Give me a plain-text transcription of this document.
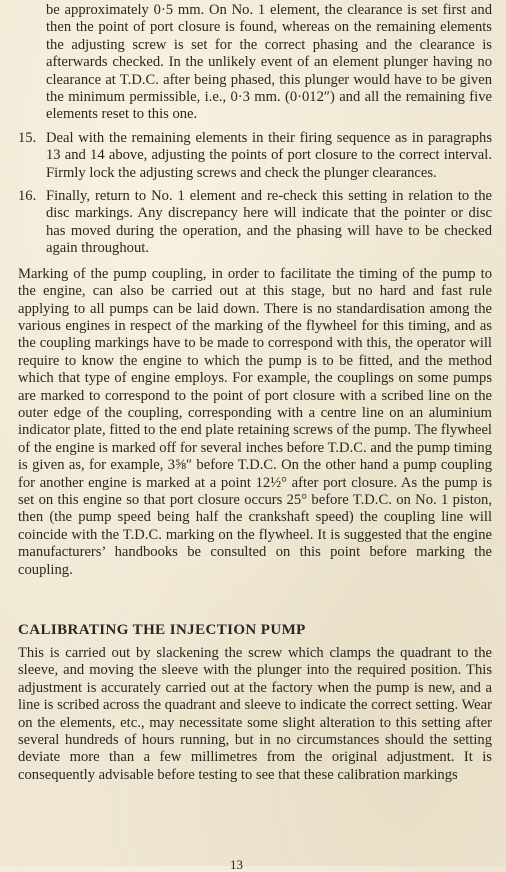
be approximately 0·5 mm. On No. 1 element, the clearance is set first and then the point of port closure is found, whereas on the remaining elements the adjusting screw is set for the correct phasing and the clearance is afterwards checked. In the unlikely event of an element plunger having no clearance at T.D.C. after being phased, this plunger would have to be given the minimum permissible, i.e., 0·3 mm. (0·012″) and all the remaining five elements reset to this one.

15. Deal with the remaining elements in their firing sequence as in paragraphs 13 and 14 above, adjusting the points of port closure to the correct interval. Firmly lock the adjusting screws and check the plunger clearances.

16. Finally, return to No. 1 element and re-check this setting in relation to the disc markings. Any discrepancy here will indicate that the pointer or disc has moved during the operation, and the phasing will have to be checked again throughout.

Marking of the pump coupling, in order to facilitate the timing of the pump to the engine, can also be carried out at this stage, but no hard and fast rule applying to all pumps can be laid down. There is no standardisation among the various engines in respect of the marking of the flywheel for this timing, and as the coupling markings have to be made to correspond with this, the operator will require to know the engine to which the pump is to be fitted, and the method which that type of engine employs. For example, the couplings on some pumps are marked to correspond to the point of port closure with a scribed line on the outer edge of the coupling, corresponding with a centre line on an aluminium indicator plate, fitted to the end plate retaining screws of the pump. The flywheel of the engine is marked off for several inches before T.D.C. and the pump timing is given as, for example, 3⅝″ before T.D.C. On the other hand a pump coupling for another engine is marked at a point 12½° after port closure. As the pump is set on this engine so that port closure occurs 25° before T.D.C. on No. 1 piston, then (the pump speed being half the crankshaft speed) the coupling line will coincide with the T.D.C. marking on the flywheel. It is suggested that the engine manufacturers’ handbooks be consulted on this point before marking the coupling.

CALIBRATING THE INJECTION PUMP

This is carried out by slackening the screw which clamps the quadrant to the sleeve, and moving the sleeve with the plunger into the required position. This adjustment is accurately carried out at the factory when the pump is new, and a line is scribed across the quadrant and sleeve to indicate the correct setting. Wear on the elements, etc., may necessitate some slight alteration to this setting after several hundreds of hours running, but in no circumstances should the setting deviate more than a few millimetres from the original adjustment. It is consequently advisable before testing to see that these calibration markings

13
